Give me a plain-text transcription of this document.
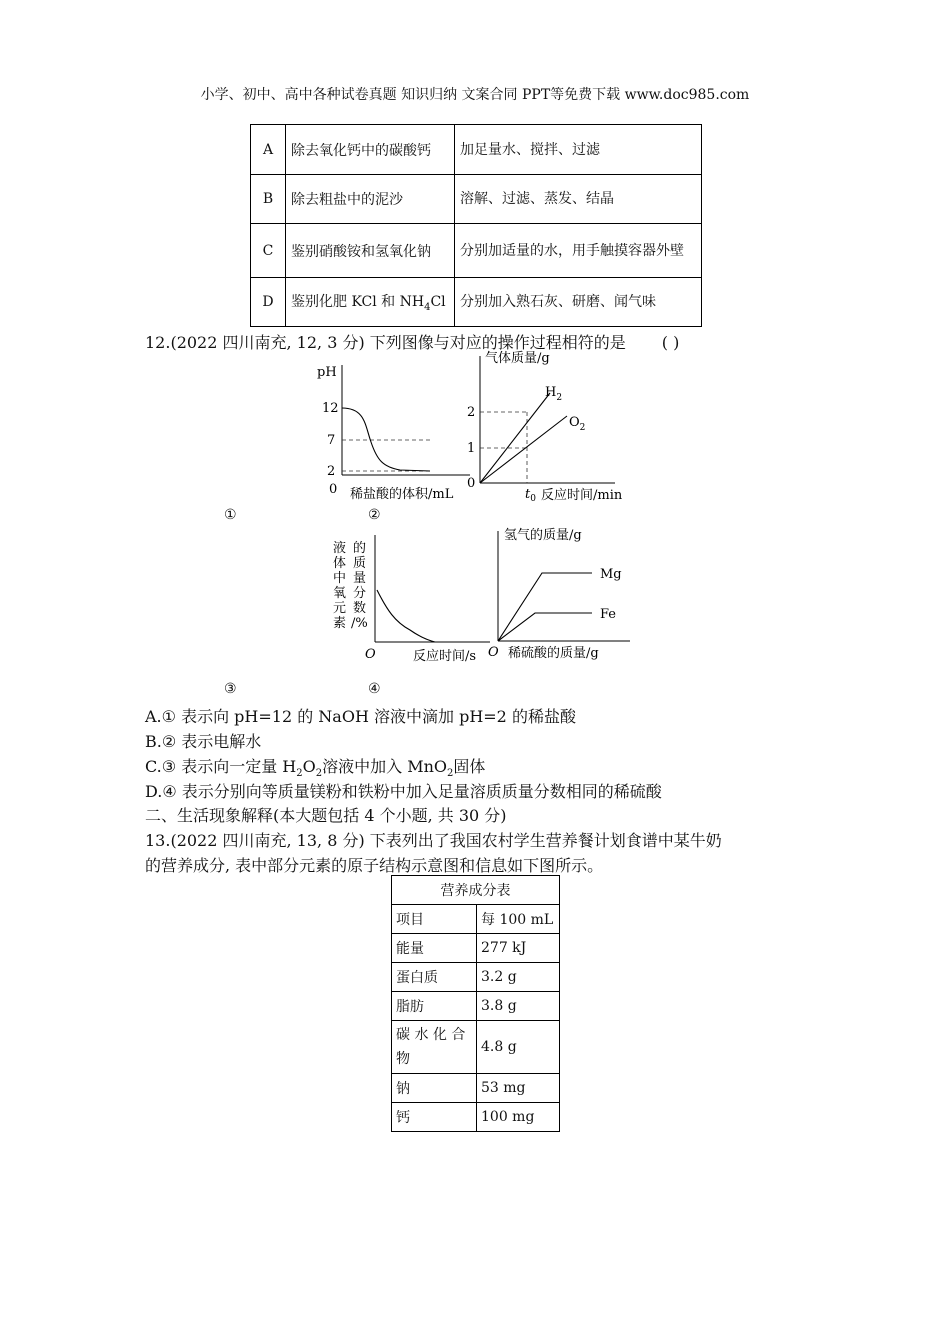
小学、初中、高中各种试卷真题 知识归纳 文案合同 PPT等免费下载 www.doc985.com
A	除去氧化钙中的碳酸钙	加足量水、搅拌、过滤
B	除去粗盐中的泥沙	溶解、过滤、蒸发、结晶
C	鉴别硝酸铵和氢氧化钠	分别加适量的水，用手触摸容器外壁
D	鉴别化肥 KCl 和 $NH_4Cl$	分别加入熟石灰、研磨、闻气味
12.(2022 四川南充, 12, 3 分) 下列图像与对应的操作过程相符的是 ( )
pH
12
7
2
0 稀盐酸的体积/mL
气体质量/g
2
1
0
$H_2$
$O_2$
$t_0$ 反应时间/min
①	②
液 的
体 质
中 量
氧 分
元 数
素 /%
O	反应时间/s
氢气的质量/g
Mg
Fe
O 稀硫酸的质量/g
③	④
A.① 表示向 pH=12 的 NaOH 溶液中滴加 pH=2 的稀盐酸
B.② 表示电解水
C.③ 表示向一定量 $H_2O_2$溶液中加入 MnO$_2$固体
D.④ 表示分别向等质量镁粉和铁粉中加入足量溶质质量分数相同的稀硫酸
二、生活现象解释(本大题包括 4 个小题, 共 30 分)
13.(2022 四川南充, 13, 8 分) 下表列出了我国农村学生营养餐计划食谱中某牛奶
的营养成分, 表中部分元素的原子结构示意图和信息如下图所示。
营养成分表	
项目	每 100 mL
能量	277 kJ
蛋白质	3.2 g
脂肪	3.8 g
碳 水 化 合物	4.8 g
钠	53 mg
钙	100 mg
